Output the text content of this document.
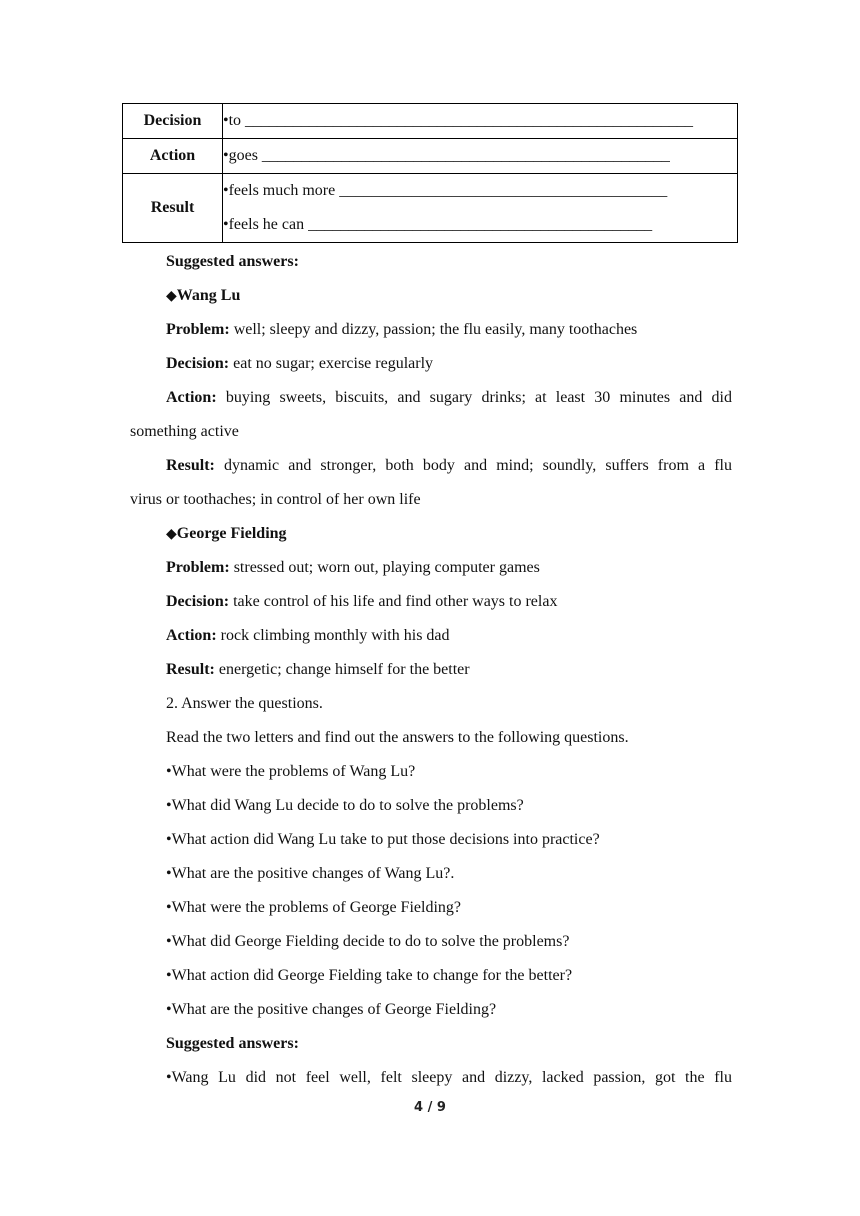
Decision	•to ________________________________________________________

Action	•goes ___________________________________________________

Result	•feels much more _________________________________________
•feels he can ___________________________________________

Suggested answers:

◆Wang Lu

Problem: well; sleepy and dizzy, passion; the flu easily, many toothaches

Decision: eat no sugar; exercise regularly

Action: buying sweets, biscuits, and sugary drinks; at least 30 minutes and did

something active

Result: dynamic and stronger, both body and mind; soundly, suffers from a flu

virus or toothaches; in control of her own life

◆George Fielding

Problem: stressed out; worn out, playing computer games

Decision: take control of his life and find other ways to relax

Action: rock climbing monthly with his dad

Result: energetic; change himself for the better

2. Answer the questions.

Read the two letters and find out the answers to the following questions.

•What were the problems of Wang Lu?

•What did Wang Lu decide to do to solve the problems?

•What action did Wang Lu take to put those decisions into practice?

•What are the positive changes of Wang Lu?.

•What were the problems of George Fielding?

•What did George Fielding decide to do to solve the problems?

•What action did George Fielding take to change for the better?

•What are the positive changes of George Fielding?

Suggested answers:

•Wang Lu did not feel well, felt sleepy and dizzy, lacked passion, got the flu

4 / 9
